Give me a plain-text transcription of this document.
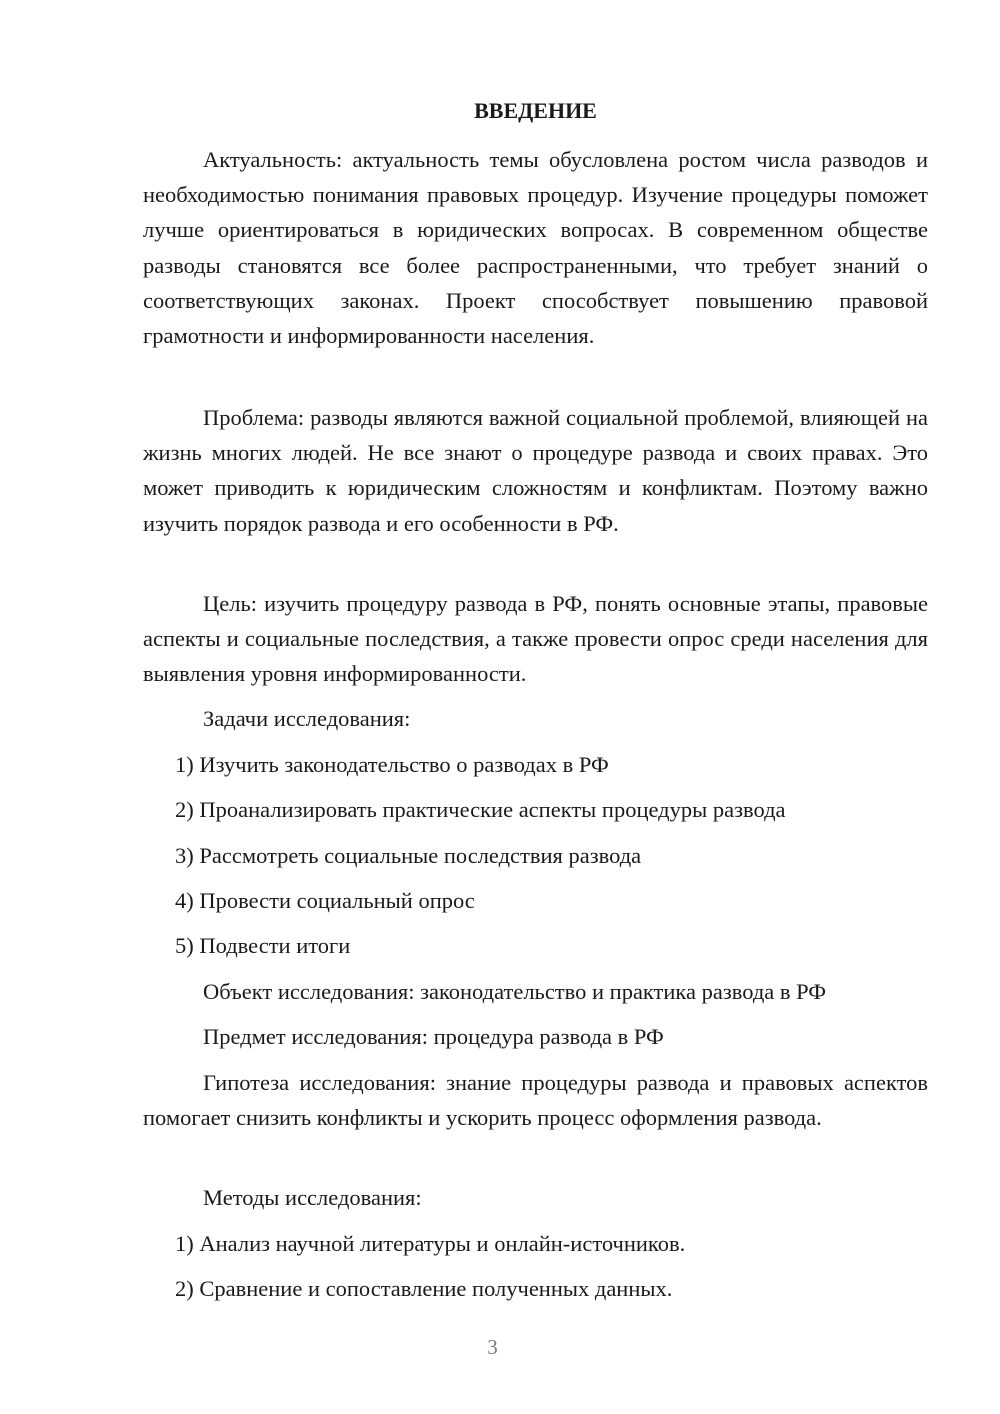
ВВЕДЕНИЕ

Актуальность: актуальность темы обусловлена ростом числа разводов и необходимостью понимания правовых процедур. Изучение процедуры поможет лучше ориентироваться в юридических вопросах. В современном обществе разводы становятся все более распространенными, что требует знаний о соответствующих законах. Проект способствует повышению правовой грамотности и информированности населения.

Проблема: разводы являются важной социальной проблемой, влияющей на жизнь многих людей. Не все знают о процедуре развода и своих правах. Это может приводить к юридическим сложностям и конфликтам. Поэтому важно изучить порядок развода и его особенности в РФ.

Цель: изучить процедуру развода в РФ, понять основные этапы, правовые аспекты и социальные последствия, а также провести опрос среди населения для выявления уровня информированности.

Задачи исследования:
1) Изучить законодательство о разводах в РФ
2) Проанализировать практические аспекты процедуры развода
3) Рассмотреть социальные последствия развода
4) Провести социальный опрос
5) Подвести итоги
Объект исследования: законодательство и практика развода в РФ
Предмет исследования: процедура развода в РФ

Гипотеза исследования: знание процедуры развода и правовых аспектов помогает снизить конфликты и ускорить процесс оформления развода.

Методы исследования:
1) Анализ научной литературы и онлайн-источников.
2) Сравнение и сопоставление полученных данных.
3
